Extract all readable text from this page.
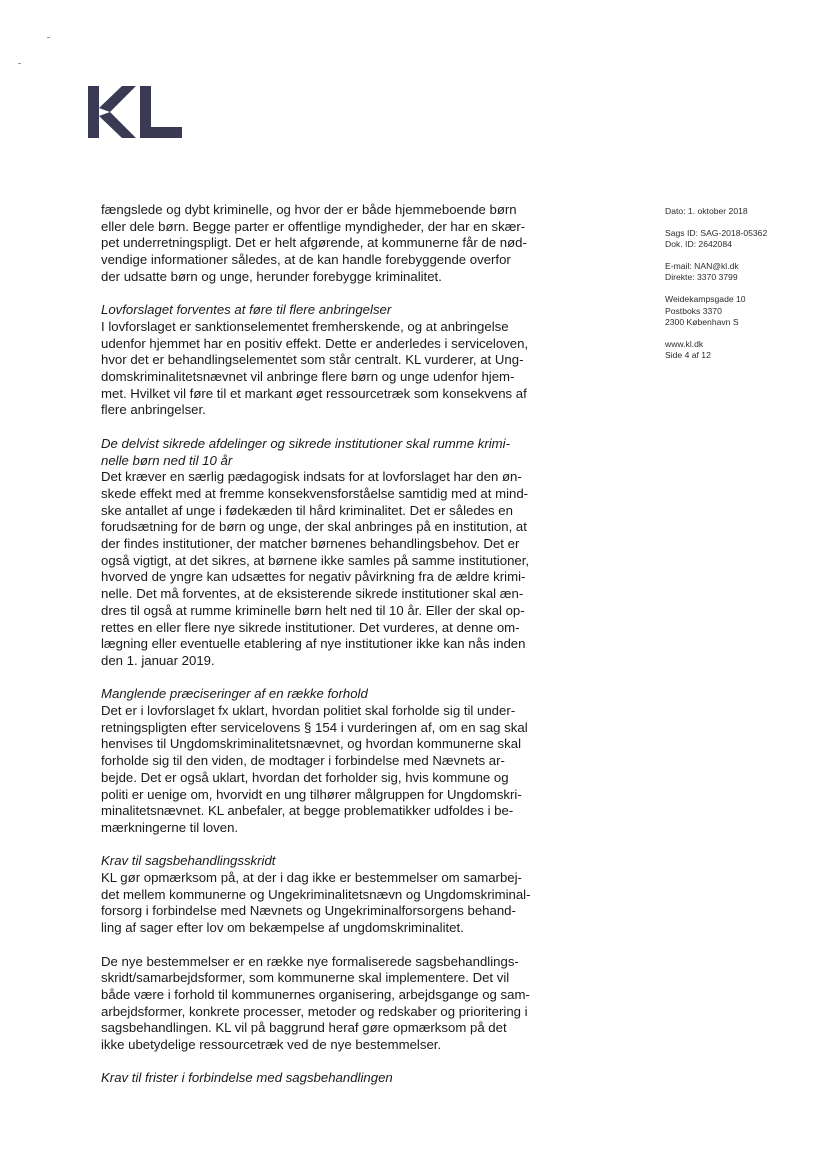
Dato: 1. oktober 2018
Sags ID: SAG-2018-05362
Dok. ID: 2642084
E-mail: NAN@kl.dk
Direkte: 3370 3799
Weidekampsgade 10
Postboks 3370
2300 København S
www.kl.dk
Side 4 af 12
fængslede og dybt kriminelle, og hvor der er både hjemmeboende børn
eller dele børn. Begge parter er offentlige myndigheder, der har en skær-
pet underretningspligt. Det er helt afgørende, at kommunerne får de nød-
vendige informationer således, at de kan handle forebyggende overfor
der udsatte børn og unge, herunder forebygge kriminalitet.
Lovforslaget forventes at føre til flere anbringelser
I lovforslaget er sanktionselementet fremherskende, og at anbringelse
udenfor hjemmet har en positiv effekt. Dette er anderledes i serviceloven,
hvor det er behandlingselementet som står centralt. KL vurderer, at Ung-
domskriminalitetsnævnet vil anbringe flere børn og unge udenfor hjem-
met. Hvilket vil føre til et markant øget ressourcetræk som konsekvens af
flere anbringelser.
De delvist sikrede afdelinger og sikrede institutioner skal rumme krimi-
nelle børn ned til 10 år
Det kræver en særlig pædagogisk indsats for at lovforslaget har den øn-
skede effekt med at fremme konsekvensforståelse samtidig med at mind-
ske antallet af unge i fødekæden til hård kriminalitet. Det er således en
forudsætning for de børn og unge, der skal anbringes på en institution, at
der findes institutioner, der matcher børnenes behandlingsbehov. Det er
også vigtigt, at det sikres, at børnene ikke samles på samme institutioner,
hvorved de yngre kan udsættes for negativ påvirkning fra de ældre krimi-
nelle. Det må forventes, at de eksisterende sikrede institutioner skal æn-
dres til også at rumme kriminelle børn helt ned til 10 år. Eller der skal op-
rettes en eller flere nye sikrede institutioner. Det vurderes, at denne om-
lægning eller eventuelle etablering af nye institutioner ikke kan nås inden
den 1. januar 2019.
Manglende præciseringer af en række forhold
Det er i lovforslaget fx uklart, hvordan politiet skal forholde sig til under-
retningspligten efter servicelovens § 154 i vurderingen af, om en sag skal
henvises til Ungdomskriminalitetsnævnet, og hvordan kommunerne skal
forholde sig til den viden, de modtager i forbindelse med Nævnets ar-
bejde. Det er også uklart, hvordan det forholder sig, hvis kommune og
politi er uenige om, hvorvidt en ung tilhører målgruppen for Ungdomskri-
minalitetsnævnet. KL anbefaler, at begge problematikker udfoldes i be-
mærkningerne til loven.
Krav til sagsbehandlingsskridt
KL gør opmærksom på, at der i dag ikke er bestemmelser om samarbej-
det mellem kommunerne og Ungekriminalitetsnævn og Ungdomskriminal-
forsorg i forbindelse med Nævnets og Ungekriminalforsorgens behand-
ling af sager efter lov om bekæmpelse af ungdomskriminalitet.
De nye bestemmelser er en række nye formaliserede sagsbehandlings-
skridt/samarbejdsformer, som kommunerne skal implementere. Det vil
både være i forhold til kommunernes organisering, arbejdsgange og sam-
arbejdsformer, konkrete processer, metoder og redskaber og prioritering i
sagsbehandlingen. KL vil på baggrund heraf gøre opmærksom på det
ikke ubetydelige ressourcetræk ved de nye bestemmelser.
Krav til frister i forbindelse med sagsbehandlingen
